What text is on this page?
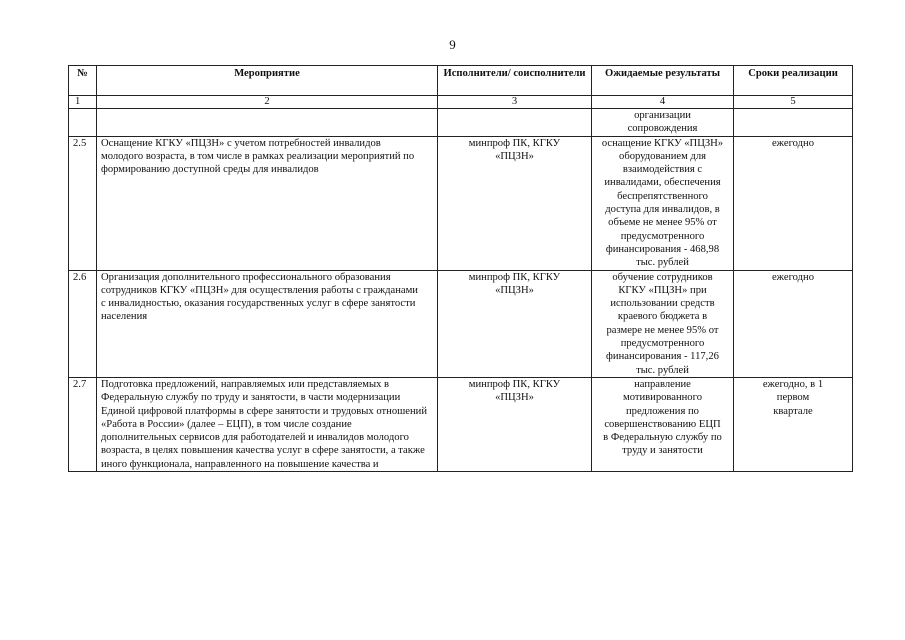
9
№	Мероприятие	Исполнители/ соисполнители	Ожидаемые результаты	Сроки реализации
1	2	3	4	5
			организации сопровождения	
2.5	Оснащение КГКУ «ПЦЗН» с учетом потребностей инвалидов молодого возраста, в том числе в рамках реализации мероприятий по формированию доступной среды для инвалидов	минпроф ПК, КГКУ «ПЦЗН»	оснащение КГКУ «ПЦЗН» оборудованием для взаимодействия с инвалидами, обеспечения беспрепятственного доступа для инвалидов, в объеме не менее 95% от предусмотренного финансирования - 468,98 тыс. рублей	ежегодно
2.6	Организация дополнительного профессионального образования сотрудников КГКУ «ПЦЗН» для осуществления работы с гражданами с инвалидностью, оказания государственных услуг в сфере занятости населения	минпроф ПК, КГКУ «ПЦЗН»	обучение сотрудников КГКУ «ПЦЗН» при использовании средств краевого бюджета в размере не менее 95% от предусмотренного финансирования - 117,26 тыс. рублей	ежегодно
2.7	Подготовка предложений, направляемых или представляемых в Федеральную службу по труду и занятости, в части модернизации Единой цифровой платформы в сфере занятости и трудовых отношений «Работа в России» (далее – ЕЦП), в том числе создание дополнительных сервисов для работодателей и инвалидов молодого возраста, в целях повышения качества услуг в сфере занятости, а также иного функционала, направленного на повышение качества и	минпроф ПК, КГКУ «ПЦЗН»	направление мотивированного предложения по совершенствованию ЕЦП в Федеральную службу по труду и занятости	ежегодно, в 1 первом квартале
